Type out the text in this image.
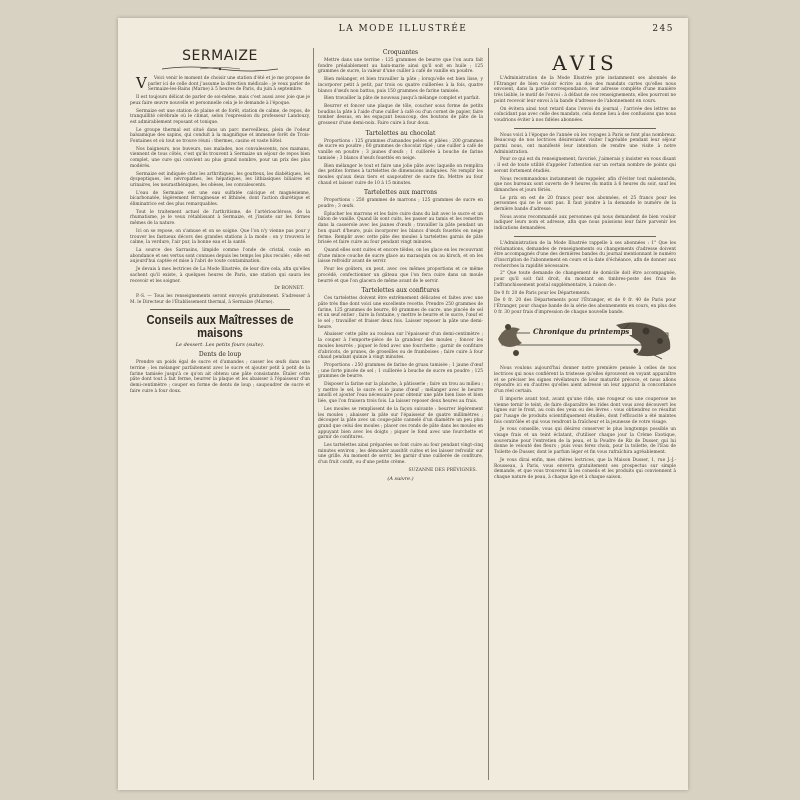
LA MODE ILLUSTRÉE	245
SERMAIZE

V Voici venir le moment de choisir une station d'été et je me propose de parler ici de celle dont j'assume la direction médicale : je veux parler de Sermaize-les-Bains (Marne) à 5 heures de Paris, du juin à septembre.

Il est toujours délicat de parler de soi-même, mais c'est aussi avec joie que je peux faire œuvre nouvelle et personnelle cela je le demande à l'époque.

Sermaize est une station de plaine et de forêt, station de calme, de repos, de tranquillité cérébrale où le climat, selon l'expression du professeur Landouzy, est admirablement reposant et tonique.

Le groupe thermal est situé dans un parc merveilleux, plein de l'odeur balsamique des sapins, qui conduit à la magnifique et immense forêt de Trois-Fontaines et où tout se trouve réuni : thermes, casino et vaste hôtel.

Nos baigneurs, nos buveurs, nos malades, nos convalescents, nos mamans, viennent de tous côtés, c'est qu'ils trouvent à Sermaize un séjour de repos bien complet, une cure qui convient au plus grand nombre, pour un prix des plus modérés.

Sermaize est indiquée chez les arthritiques, les goutteux, les diabétiques, les dyspeptiques, les névropathes, les hépatiques, les lithiasiques biliaires et urinaires, les neurasthéniques, les obèses, les convalescents.

L'eau de Sermaize est une eau sulfatée calcique et magnésienne, bicarbonatée, légèrement ferrugineuse et lithinée, dont l'action diurétique et éliminatrice est des plus remarquables.

Tout le traitement actuel de l'arthritisme, de l'artériosclérose, de la rhumatisme, je le veux rétablissant à Sermaize, et j'insiste sur les formes mêmes de la nature.

Ici on se repose, on s'amuse et on se soigne. Que l'on n'y vienne pas pour y trouver les fastueux décors des grandes stations à la mode : on y trouvera le calme, la verdure, l'air pur, la bonne eau et la santé.

La source des Sarrasins, limpide comme l'onde de cristal, coule en abondance et ses vertus sont connues depuis les temps les plus reculés ; elle est aujourd'hui captée et mise à l'abri de toute contamination.

Je devais à mes lectrices de La Mode Illustrée, de leur dire cela, afin qu'elles sachent qu'il existe, à quelques heures de Paris, une station qui saura les recevoir et les soigner.

Dr BONNET.

P.-S. — Tous les renseignements seront envoyés gratuitement. S'adresser à M. le Directeur de l'Établissement thermal, à Sermaize (Marne).

Conseils aux Maîtresses de maisons
Le dessert. Les petits fours (suite).
Dents de loup

Prendre un poids égal de sucre et d'amandes ; casser les œufs dans une terrine ; les mélanger parfaitement avec le sucre et ajouter petit à petit de la farine tamisée jusqu'à ce qu'on ait obtenu une pâte consistante. Étaler cette pâte dont tout à fait ferme, beurrer la plaque et les abaisser à l'épaisseur d'un demi-centimètre ; couper en forme de dents de loup ; saupoudrer de sucre et faire cuire à four doux.

Croquantes

Mettre dans une terrine : 125 grammes de beurre que l'on aura fait fondre préalablement au bain-marie ainsi qu'il soit en huile ; 125 grammes de sucre, la valeur d'une cuiller à café de vanille en poudre.

Bien mélanger, et bien travailler la pâte ; lorsqu'elle est bien lisse, y incorporer petit à petit, par trois ou quatre cuillerées à la fois, quatre blancs d'œufs non battus, puis 150 grammes de farine tamisée.

Bien travailler la pâte de nouveau jusqu'à mélange complet et parfait.

Beurrer et foncer une plaque de tôle, coucher sous forme de petits boudins la pâte à l'aide d'une cuiller à café ou d'un cornet de papier, faire tomber dessus, en les espaçant beaucoup, des boutons de pâte de la grosseur d'une demi-noix. Faire cuire à four doux.

Tartelettes au chocolat

Proportions : 125 grammes d'amandes pelées et pilées ; 200 grammes de sucre en poudre ; 60 grammes de chocolat râpé ; une cuiller à café de vanille en poudre ; 3 jaunes d'œufs ; 1 cuillerée à bouche de farine tamisée ; 3 blancs d'œufs fouettés en neige.

Bien mélanger le tout et faire une jolie pâte avec laquelle on remplira des petites formes à tartelettes de dimensions indiquées. Ne remplir les moules qu'aux deux tiers et saupoudrer de sucre fin. Mettre au four chaud et laisser cuire de 10 à 15 minutes.

Tartelettes aux marrons

Proportions : 250 grammes de marrons ; 125 grammes de sucre en poudre ; 3 œufs.

Éplucher les marrons et les faire cuire dans du lait avec le sucre et un bâton de vanille. Quand ils sont cuits, les passer au tamis et les remettre dans la casserole avec les jaunes d'œufs ; travailler la pâte pendant un bon quart d'heure, puis incorporer les blancs d'œufs fouettés en neige ferme. Remplir avec cette pâte des moules à tartelettes garnis de pâte brisée et faire cuire au four pendant vingt minutes.

Quand elles sont cuites et encore tièdes, on les glace en les recouvrant d'une mince couche de sucre glace au marasquin ou au kirsch, et on les laisse refroidir avant de servir.

Pour les goûters, on peut, avec ces mêmes proportions et ce même procédé, confectionner un gâteau que l'on fera cuire dans un moule beurré et que l'on glacera de même avant de le servir.

Tartelettes aux confitures

Ces tartelettes doivent être extrêmement délicates et faites avec une pâte très fine dont voici une excellente recette. Prendre 250 grammes de farine, 125 grammes de beurre, 60 grammes de sucre, une pincée de sel et un œuf entier ; faire la fontaine, y mettre le beurre et le sucre, l'œuf et le sel ; travailler et fraiser deux fois. Laisser reposer la pâte une demi-heure.

Abaisser cette pâte au rouleau sur l'épaisseur d'un demi-centimètre ; la couper à l'emporte-pièce de la grandeur des moules ; foncer les moules beurrés ; piquer le fond avec une fourchette ; garnir de confiture d'abricots, de prunes, de groseilles ou de framboises ; faire cuire à four chaud pendant quinze à vingt minutes.

Proportions : 250 grammes de farine de gruau tamisée ; 1 jaune d'œuf ; une forte pincée de sel ; 1 cuillerée à bouche de sucre en poudre ; 125 grammes de beurre.

Disposer la farine sur la planche, à pâtisserie ; faire un trou au milieu ; y mettre le sel, le sucre et le jaune d'œuf ; mélanger avec le beurre amolli et ajouter l'eau nécessaire pour obtenir une pâte bien lisse et bien liée, que l'on fraisera trois fois. La laisser reposer deux heures au frais.

Les moules se remplissent de la façon suivante : beurrer légèrement les moules ; abaisser la pâte sur l'épaisseur de quatre millimètres ; découper la pâte avec un coupe-pâte cannelé d'un diamètre un peu plus grand que celui des moules ; placer ces ronds de pâte dans les moules en appuyant bien avec les doigts ; piquer le fond avec une fourchette et garnir de confitures.

Les tartelettes ainsi préparées se font cuire au four pendant vingt-cinq minutes environ ; les démouler aussitôt cuites et les laisser refroidir sur une grille. Au moment de servir, les garnir d'une cuillerée de confiture, d'un fruit confit, ou d'une petite crème.

SUZANNE DES PRÉVIGNES.
(A suivre.)
AVIS

L'Administration de la Mode Illustrée prie instamment ses abonnés de l'Étranger de bien vouloir écrire au dos des mandats cartes qu'elles nous envoient, dans la partie correspondance, leur adresse complète d'une manière très lisible, le motif de l'envoi : à défaut de ces renseignements, elles pourront ne point recevoir leur envoi à la bande d'adresse de l'abonnement en cours.

On évitera ainsi tout retard dans l'envoi du journal ; l'arrivée des lettres ne coïncidant pas avec celle des mandats, cela donne lieu à des confusions que nous voudrions éviter à nos fidèles abonnées.

Nous voici à l'époque de l'année où les voyages à Paris se font plus nombreux. Beaucoup de nos lectrices désireraient visiter l'agréable pendant leur séjour parmi nous, ont manifesté leur intention de rendre une visite à notre Administration.

Pour ce qui est du renseignement, favorisé, j'aimerais y insister en vous disant : il est de toute utilité d'appeler l'attention sur un certain nombre de points qui seront fortement étudiés.

Nous recommandons instamment de rappeler, afin d'éviter tout malentendu, que nos bureaux sont ouverts de 9 heures du matin à 6 heures du soir, sauf les dimanches et jours fériés.

Le prix en est de 20 francs pour nos abonnées, et 25 francs pour les personnes qui ne le sont pas. Il faut joindre à la demande le numéro de la dernière bande d'adresse.

Nous avons recommandé aux personnes qui nous demandent de bien vouloir indiquer leurs nom et adresse, afin que nous puissions leur faire parvenir les indications demandées.

L'Administration de la Mode Illustrée rappelle à ses abonnées : 1° Que les réclamations, demandes de renseignements ou changements d'adresse doivent être accompagnés d'une des dernières bandes du journal mentionnant le numéro d'inscription de l'abonnement en cours et la date d'échéance, afin de donner aux recherches la rapidité nécessaire.

2° Que toute demande de changement de domicile doit être accompagnée, pour qu'il soit fait droit, du montant en timbres-poste des frais de l'affranchissement postal supplémentaire, à raison de :

De 0 fr. 20 de Paris pour les Départements.

De 0 fr. 20 des Départements pour l'Étranger, et de 0 fr. 40 de Paris pour l'Étranger, pour chaque bande de la série des abonnements en cours, en plus des 0 fr. 30 pour frais d'impression de chaque nouvelle bande.

Chronique du printemps

Nous voulons aujourd'hui donner notre première pensée à celles de nos lectrices qui nous confièrent la tristesse qu'elles éprouvent en voyant apparaître et se préciser les signes révélateurs de leur maturité précoce, et nous allons répondre ici en d'autres qu'elles aient adressé un leur apparut la concordance d'un réel certain.

Il importe avant tout, avant qu'une ride, une rougeur ou une couperose ne vienne ternir le teint, de faire disparaître les rides dont vous avez découvert les lignes sur le front, au coin des yeux ou des lèvres : vous obtiendrez ce résultat par l'usage de produits scientifiquement étudiés, dont l'efficacité a été maintes fois contrôlée et qui vous rendront la fraîcheur et la jeunesse de votre visage.

Je vous conseille, vous qui désirez conserver le plus longtemps possible un visage frais et un teint éclatant, d'utiliser chaque jour la Crème Exotique, souveraine pour l'entretien de la peau, et la Poudre de Riz de Dusser, qui lui donne le velouté des fleurs ; puis vous ferez choix, pour la toilette, de l'Eau de Toilette de Dusser, dont le parfum léger et fin vous rafraîchira agréablement.

Je vous dirai enfin, mes chères lectrices, que la Maison Dusser, 1, rue J.-J.-Rousseau, à Paris, vous enverra gratuitement ses prospectus sur simple demande, et que vous trouverez là les conseils et les produits qui conviennent à chaque nature de peau, à chaque âge et à chaque saison.
